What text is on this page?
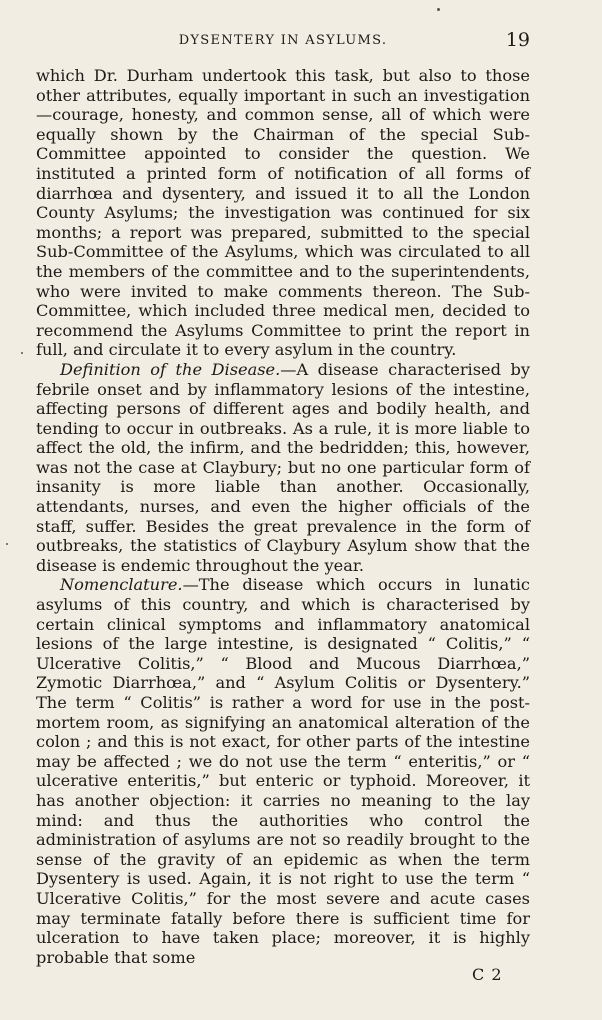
DYSENTERY IN ASYLUMS.	19

which Dr. Durham undertook this task, but also to those other attributes, equally important in such an investigation —courage, honesty, and common sense, all of which were equally shown by the Chairman of the special Sub-Committee appointed to consider the question. We instituted a printed form of notification of all forms of diarrhœa and dysentery, and issued it to all the London County Asylums; the investigation was continued for six months; a report was prepared, submitted to the special Sub-Committee of the Asylums, which was circulated to all the members of the committee and to the superintendents, who were invited to make comments thereon. The Sub-Committee, which included three medical men, decided to recommend the Asylums Committee to print the report in full, and circulate it to every asylum in the country.

Definition of the Disease.—A disease characterised by febrile onset and by inflammatory lesions of the intestine, affecting persons of different ages and bodily health, and tending to occur in outbreaks. As a rule, it is more liable to affect the old, the infirm, and the bedridden; this, however, was not the case at Claybury; but no one particular form of insanity is more liable than another. Occasionally, attendants, nurses, and even the higher officials of the staff, suffer. Besides the great prevalence in the form of outbreaks, the statistics of Claybury Asylum show that the disease is endemic throughout the year.

Nomenclature.—The disease which occurs in lunatic asylums of this country, and which is characterised by certain clinical symptoms and inflammatory anatomical lesions of the large intestine, is designated “ Colitis,” “ Ulcerative Colitis,” “ Blood and Mucous Diarrhœa,” Zymotic Diarrhœa,” and “ Asylum Colitis or Dysentery.” The term “ Colitis” is rather a word for use in the post-mortem room, as signifying an anatomical alteration of the colon ; and this is not exact, for other parts of the intestine may be affected ; we do not use the term “ enteritis,” or “ ulcerative enteritis,” but enteric or typhoid. Moreover, it has another objection: it carries no meaning to the lay mind: and thus the authorities who control the administration of asylums are not so readily brought to the sense of the gravity of an epidemic as when the term Dysentery is used. Again, it is not right to use the term “ Ulcerative Colitis,” for the most severe and acute cases may terminate fatally before there is sufficient time for ulceration to have taken place; moreover, it is highly probable that some

C 2
